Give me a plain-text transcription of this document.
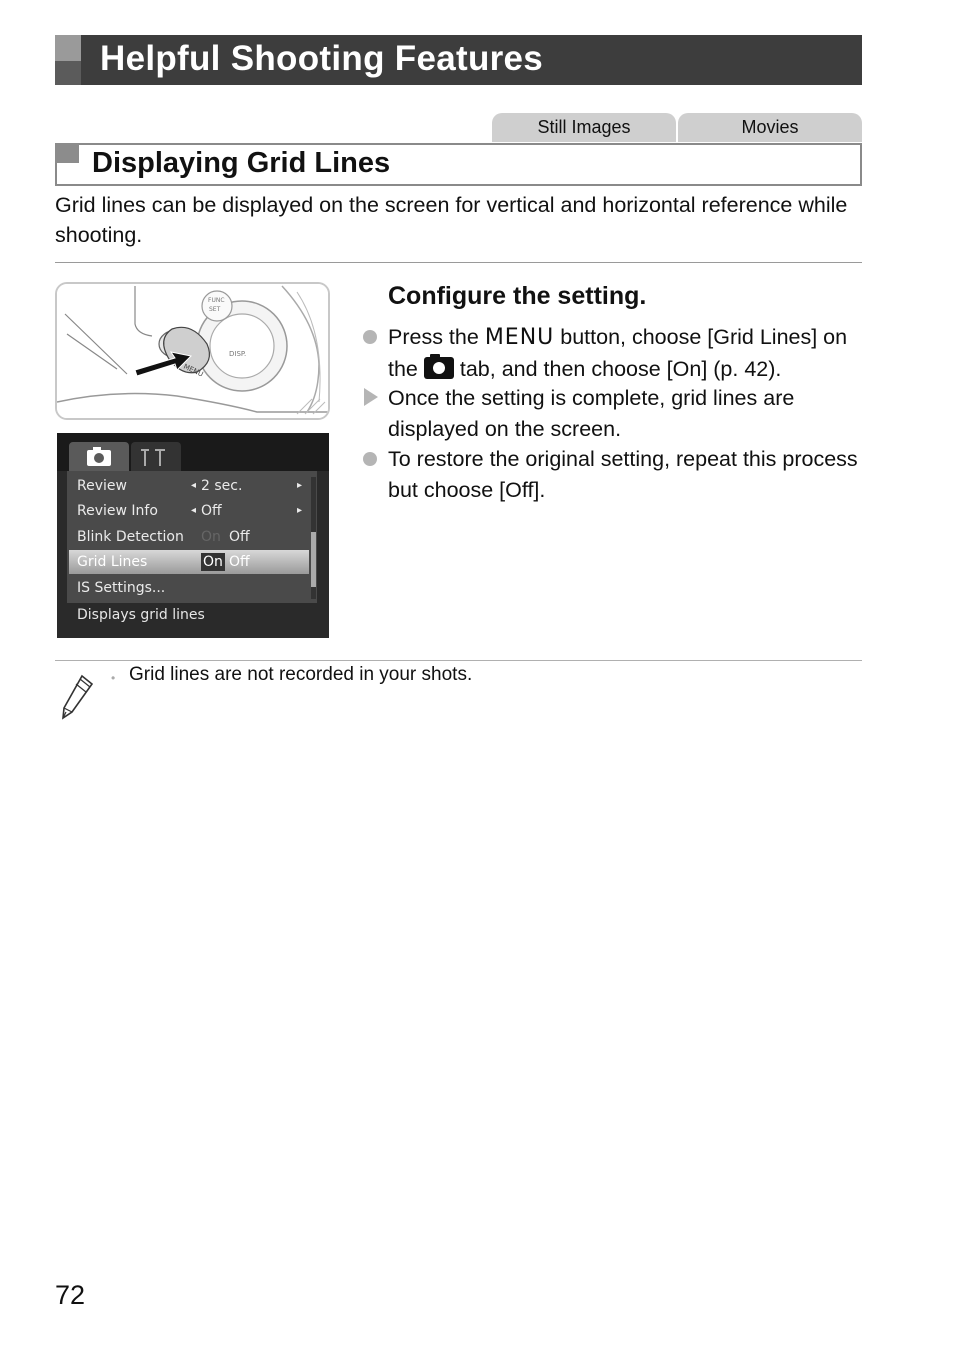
Helpful Shooting Features
Still Images	Movies
Displaying Grid Lines
Grid lines can be displayed on the screen for vertical and horizontal reference while shooting.
FUNC
SET
DISP.
MENU
Review	◂ 2 sec.	▸
Review Info	◂ Off	▸
Blink Detection On Off
Grid Lines	On Off
IS Settings...
Displays grid lines
Configure the setting.
Press the MENU button, choose [Grid Lines] on the tab, and then choose [On] (p. 42).
Once the setting is complete, grid lines are displayed on the screen.
To restore the original setting, repeat this process but choose [Off].
• Grid lines are not recorded in your shots.
72
